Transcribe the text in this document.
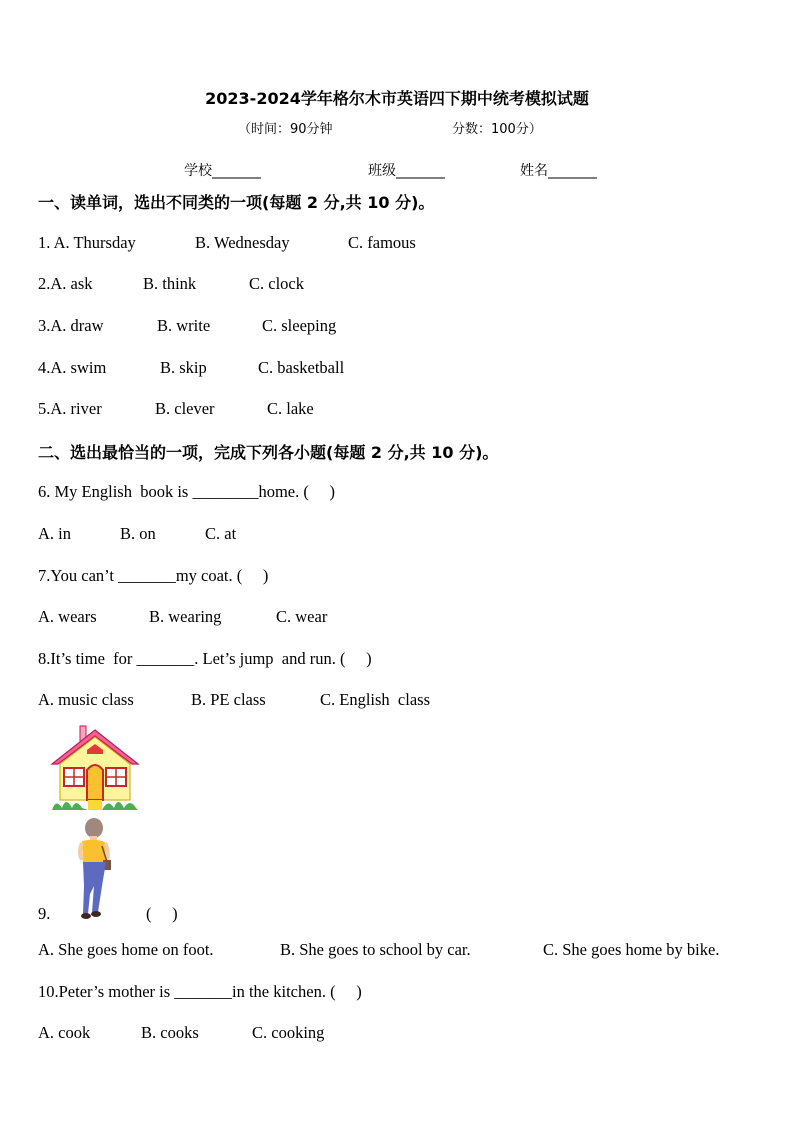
2023-2024学年格尔木市英语四下期中统考模拟试题
（时间：90分钟	分数：100分）
学校_______	班级_______	姓名_______
一、读单词，选出不同类的一项(每题 2 分,共 10 分)。
1. A. Thursday	B. Wednesday	C. famous
2.A. ask	B. think	C. clock
3.A. draw	B. write	C. sleeping
4.A. swim	B. skip	C. basketball
5.A. river	B. clever	C. lake
二、选出最恰当的一项，完成下列各小题(每题 2 分,共 10 分)。
6. My English  book is ________home. (     )
A. in	B. on	C. at
7.You can’t _______my coat. (     )
A. wears	B. wearing	C. wear
8.It’s time  for _______. Let’s jump  and run. (     )
A. music class	B. PE class	C. English  class
9.	(     )
A. She goes home on foot.	B. She goes to school by car.	C. She goes home by bike.
10.Peter’s mother is _______in the kitchen. (     )
A. cook	B. cooks	C. cooking
